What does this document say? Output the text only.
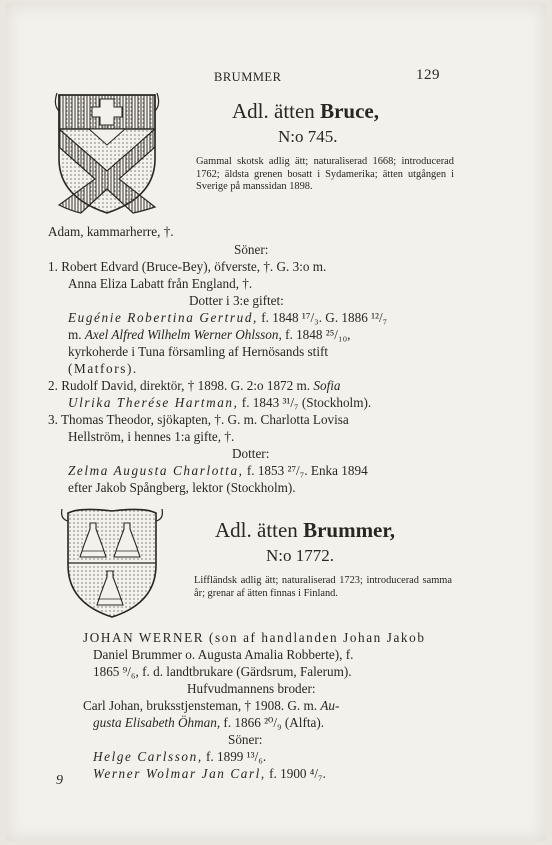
BRUMMER	129
Adl. ätten Bruce,
N:o 745.
Gammal skotsk adlig ätt; naturaliserad 1668; introducerad 1762; äldsta grenen bosatt i Sydamerika; ätten utgången i Sverige på manssidan 1898.
Adam, kammarherre, †.
Söner:
1. Robert Edvard (Bruce-Bey), öfverste, †. G. 3:o m.
Anna Eliza Labatt från England, †.
Dotter i 3:e giftet:
Eugénie Robertina Gertrud, f. 1848 ¹⁷/₃. G. 1886 ¹²/₇
m. Axel Alfred Wilhelm Werner Ohlsson, f. 1848 ²⁵/₁₀,
kyrkoherde i Tuna församling af Hernösands stift
(Matfors).
2. Rudolf David, direktör, † 1898. G. 2:o 1872 m. Sofia
Ulrika Therése Hartman, f. 1843 ³¹/₇ (Stockholm).
3. Thomas Theodor, sjökapten, †. G. m. Charlotta Lovisa
Hellström, i hennes 1:a gifte, †.
Dotter:
Zelma Augusta Charlotta, f. 1853 ²⁷/₇. Enka 1894
efter Jakob Spångberg, lektor (Stockholm).
Adl. ätten Brummer,
N:o 1772.
Liffländsk adlig ätt; naturaliserad 1723; introducerad samma år; grenar af ätten finnas i Finland.
JOHAN WERNER (son af handlanden Johan Jakob
Daniel Brummer o. Augusta Amalia Robberte), f.
1865 ⁹/₆, f. d. landtbrukare (Gärdsrum, Falerum).
Hufvudmannens broder:
Carl Johan, bruksstjensteman, † 1908. G. m. Au-
gusta Elisabeth Öhman, f. 1866 ²⁰/₉ (Alfta).
Söner:
Helge Carlsson, f. 1899 ¹³/₆.
Werner Wolmar Jan Carl, f. 1900 ⁴/₇.
9
